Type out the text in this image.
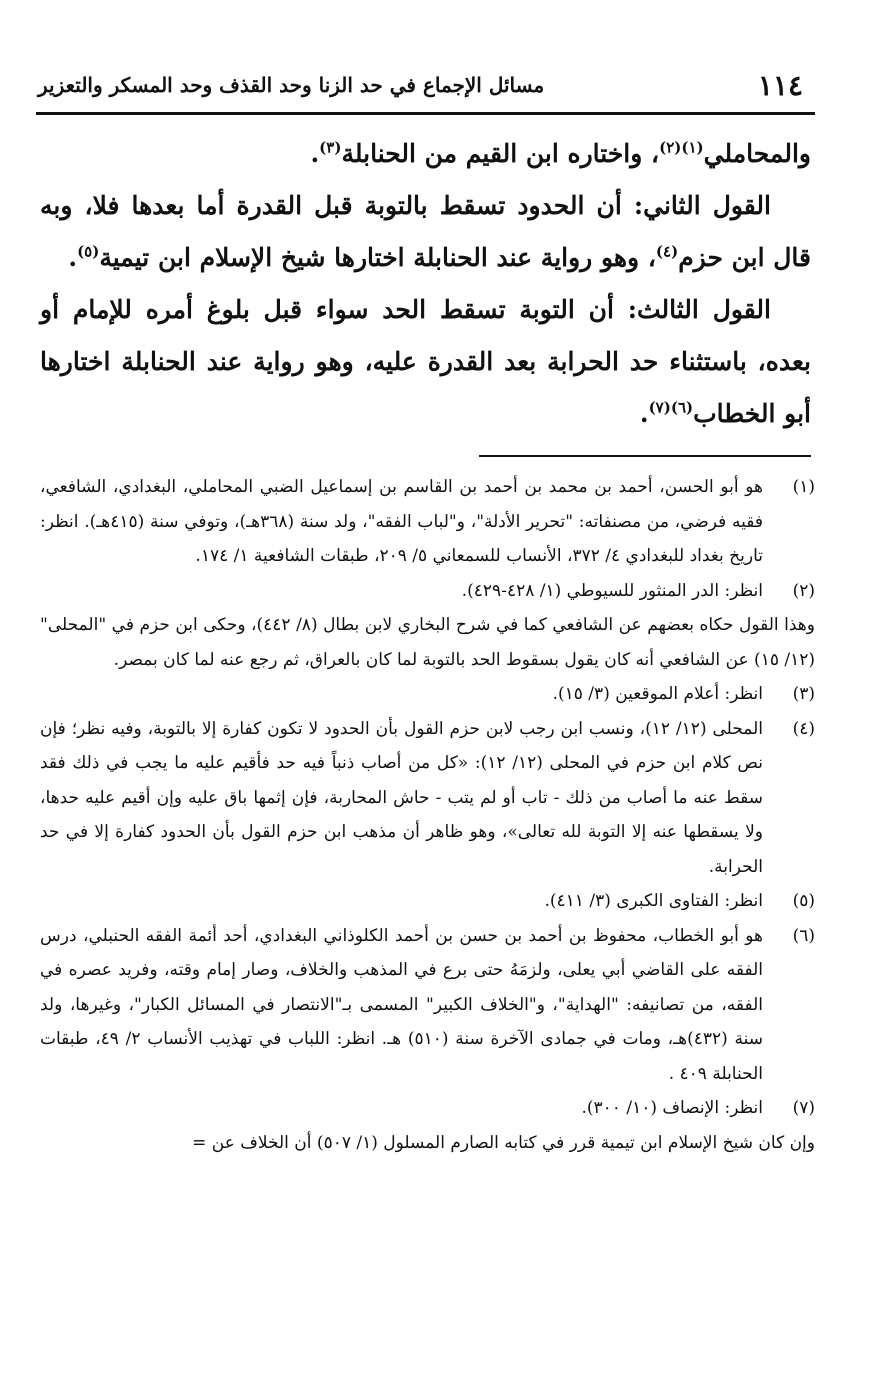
١١٤
مسائل الإجماع في حد الزنا وحد القذف وحد المسكر والتعزير

والمحاملي$^{(١)(٢)}$، واختاره ابن القيم من الحنابلة$^{(٣)}$.

القول الثاني: أن الحدود تسقط بالتوبة قبل القدرة أما بعدها فلا، وبه قال ابن حزم$^{(٤)}$، وهو رواية عند الحنابلة اختارها شيخ الإسلام ابن تيمية$^{(٥)}$.

القول الثالث: أن التوبة تسقط الحد سواء قبل بلوغ أمره للإمام أو بعده، باستثناء حد الحرابة بعد القدرة عليه، وهو رواية عند الحنابلة اختارها أبو الخطاب$^{(٦)(٧)}$.

(١)

هو أبو الحسن، أحمد بن محمد بن أحمد بن القاسم بن إسماعيل الضبي المحاملي، البغدادي، الشافعي، فقيه فرضي، من مصنفاته: "تحرير الأدلة"، و"لباب الفقه"، ولد سنة (٣٦٨هـ)، وتوفي سنة (٤١٥هـ). انظر: تاريخ بغداد للبغدادي ٤/ ٣٧٢، الأنساب للسمعاني ٥/ ٢٠٩، طبقات الشافعية ١/ ١٧٤.

(٢)

انظر: الدر المنثور للسيوطي (١/ ٤٢٨-٤٢٩).

وهذا القول حكاه بعضهم عن الشافعي كما في شرح البخاري لابن بطال (٨/ ٤٤٢)، وحكى ابن حزم في "المحلى" (١٢/ ١٥) عن الشافعي أنه كان يقول بسقوط الحد بالتوبة لما كان بالعراق، ثم رجع عنه لما كان بمصر.

(٣)

انظر: أعلام الموقعين (٣/ ١٥).

(٤)

المحلى (١٢/ ١٢)، ونسب ابن رجب لابن حزم القول بأن الحدود لا تكون كفارة إلا بالتوبة، وفيه نظر؛ فإن نص كلام ابن حزم في المحلى (١٢/ ١٢): «كل من أصاب ذنباً فيه حد فأقيم عليه ما يجب في ذلك فقد سقط عنه ما أصاب من ذلك - تاب أو لم يتب - حاش المحاربة، فإن إثمها باق عليه وإن أقيم عليه حدها، ولا يسقطها عنه إلا التوبة لله تعالى»، وهو ظاهر أن مذهب ابن حزم القول بأن الحدود كفارة إلا في حد الحرابة.

(٥)

انظر: الفتاوى الكبرى (٣/ ٤١١).

(٦)

هو أبو الخطاب، محفوظ بن أحمد بن حسن بن أحمد الكلوذاني البغدادي، أحد أئمة الفقه الحنبلي، درس الفقه على القاضي أبي يعلى، ولزمَهُ حتى برع في المذهب والخلاف، وصار إمام وقته، وفريد عصره في الفقه، من تصانيفه: "الهداية"، و"الخلاف الكبير" المسمى بـ"الانتصار في المسائل الكبار"، وغيرها، ولد سنة (٤٣٢)هـ، ومات في جمادى الآخرة سنة (٥١٠) هـ. انظر: اللباب في تهذيب الأنساب ٢/ ٤٩، طبقات الحنابلة ٤٠٩ .

(٧)

انظر: الإنصاف (١٠/ ٣٠٠).

وإن كان شيخ الإسلام ابن تيمية قرر في كتابه الصارم المسلول (١/ ٥٠٧) أن الخلاف عن =
